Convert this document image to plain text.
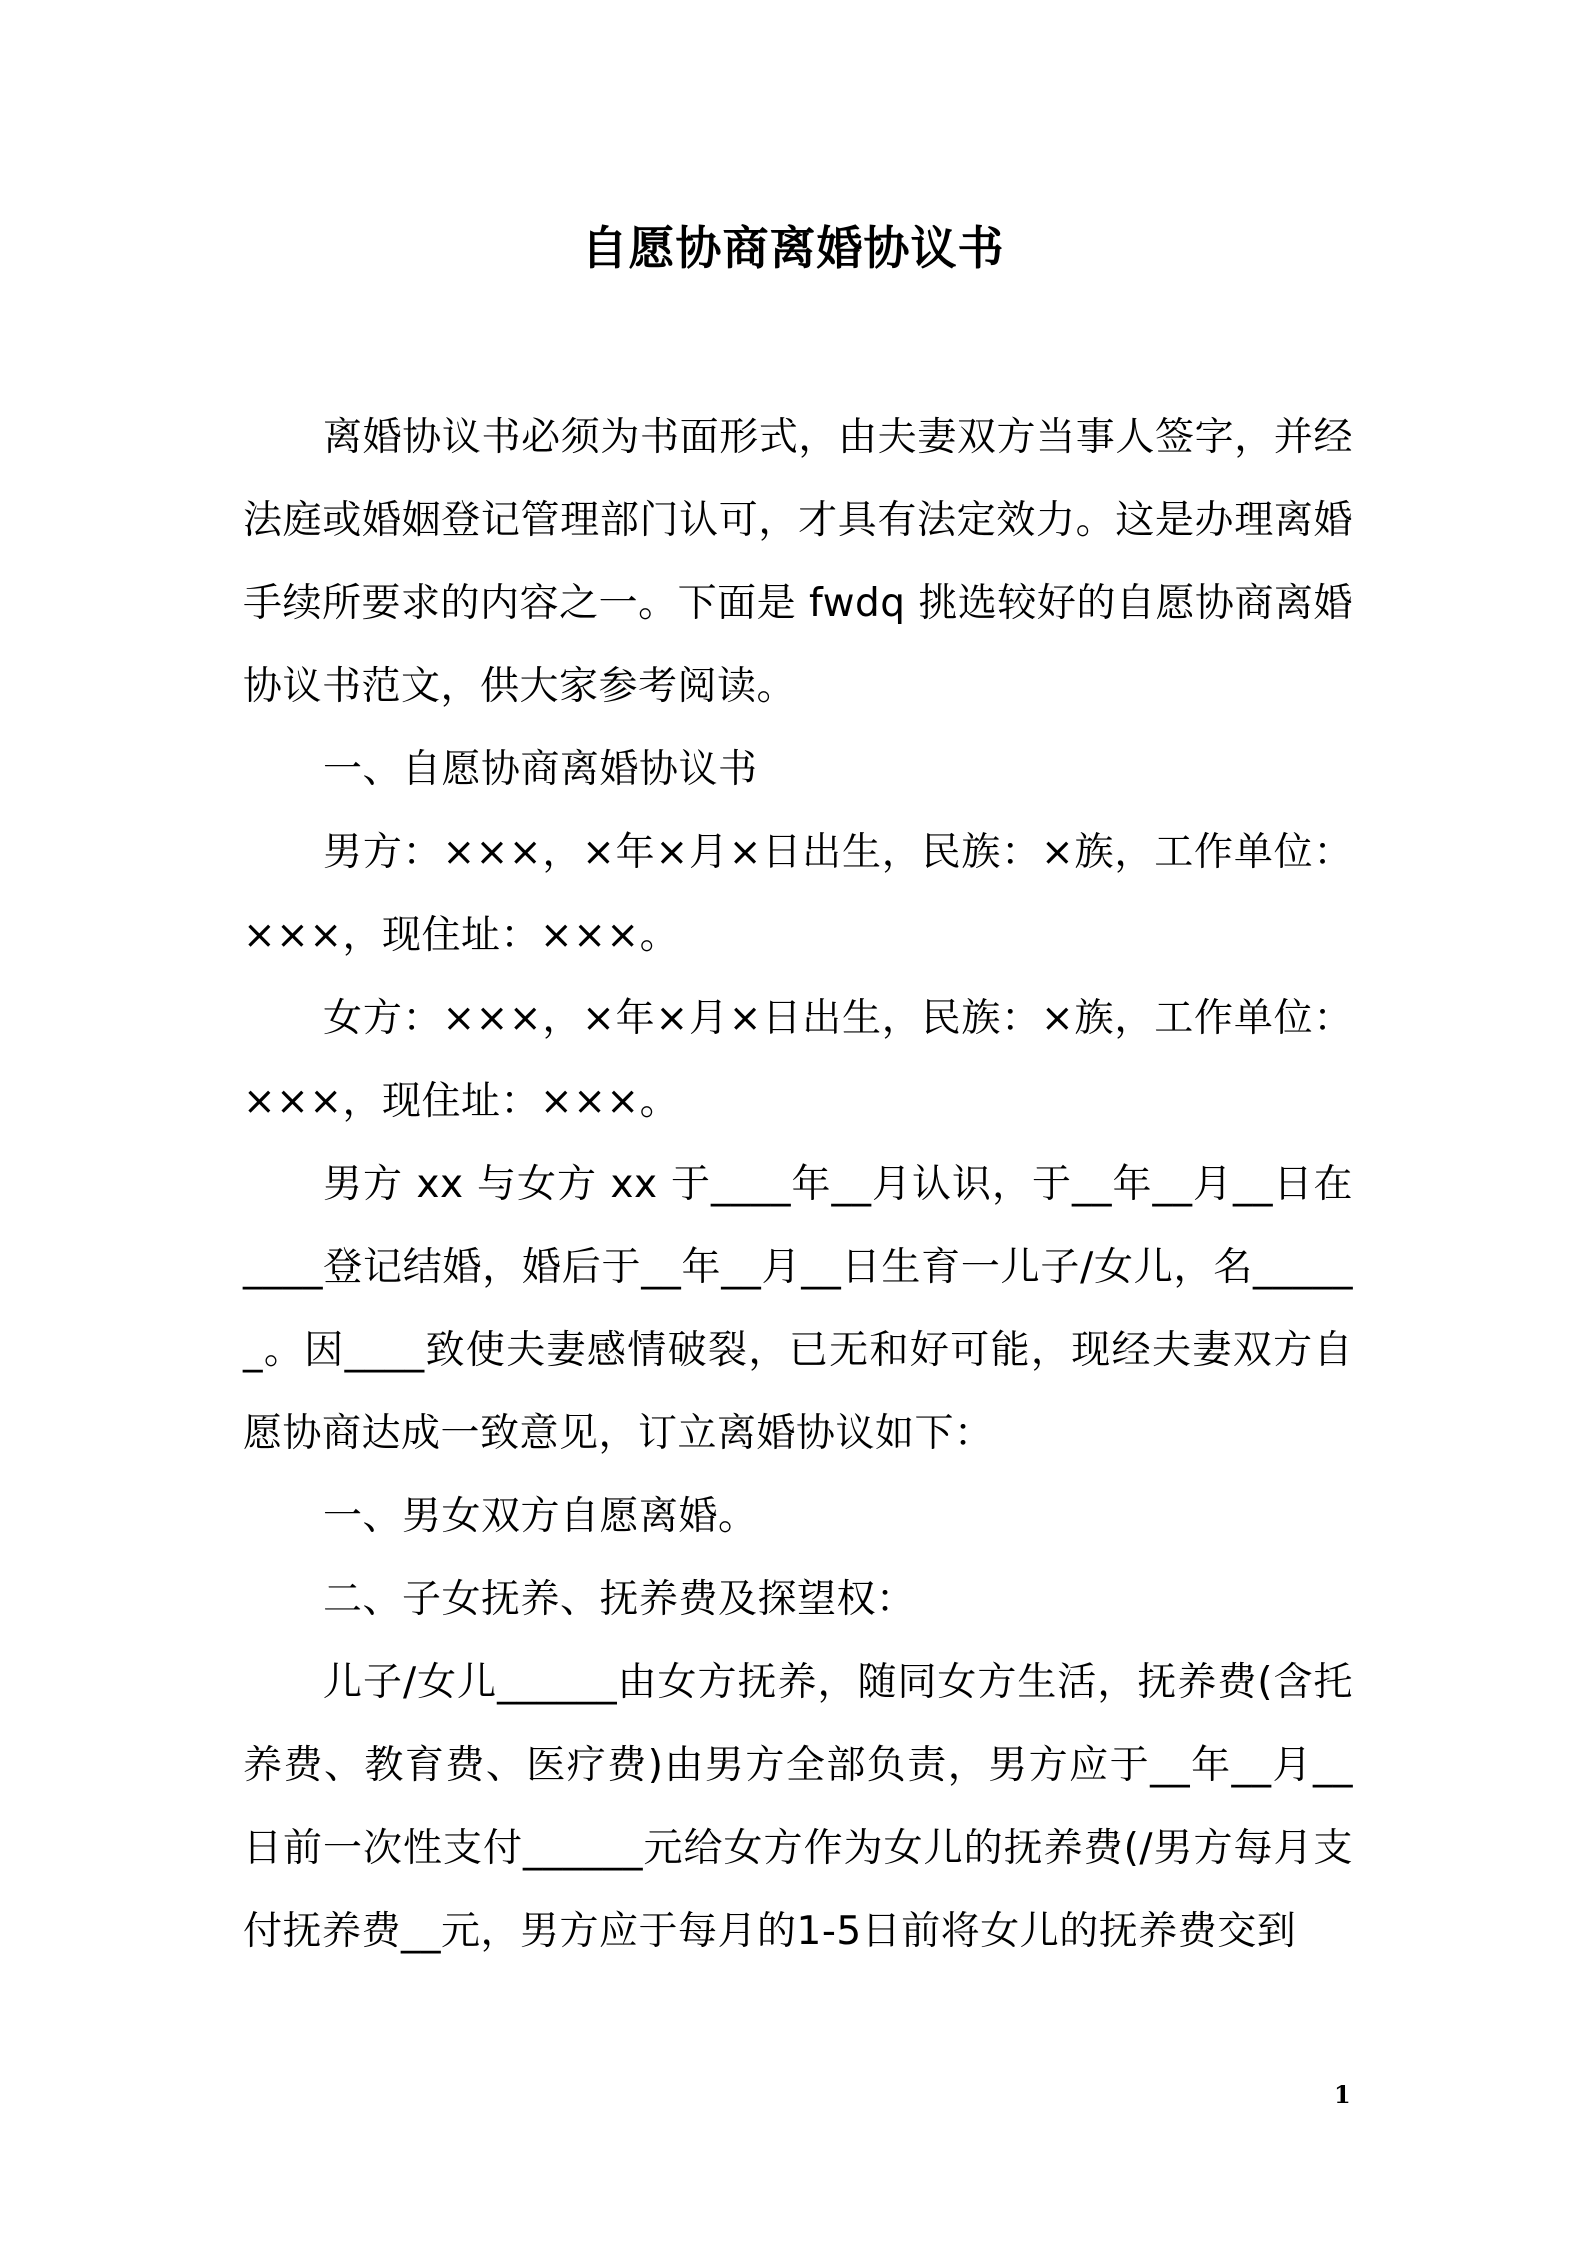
自愿协商离婚协议书

离婚协议书必须为书面形式，由夫妻双方当事人签字，并经法庭或婚姻登记管理部门认可，才具有法定效力。这是办理离婚手续所要求的内容之一。下面是 fwdq 挑选较好的自愿协商离婚协议书范文，供大家参考阅读。

一、自愿协商离婚协议书

男方：×××，×年×月×日出生，民族：×族，工作单位：×××，现住址：×××。

女方：×××，×年×月×日出生，民族：×族，工作单位：×××，现住址：×××。

男方 xx 与女方 xx 于____年__月认识，于__年__月__日在____登记结婚，婚后于__年__月__日生育一儿子/女儿，名______。因____致使夫妻感情破裂，已无和好可能，现经夫妻双方自愿协商达成一致意见，订立离婚协议如下：

一、男女双方自愿离婚。

二、子女抚养、抚养费及探望权：

儿子/女儿______由女方抚养，随同女方生活，抚养费(含托养费、教育费、医疗费)由男方全部负责，男方应于__年__月__日前一次性支付______元给女方作为女儿的抚养费(/男方每月支付抚养费__元，男方应于每月的1-5日前将女儿的抚养费交到

1
